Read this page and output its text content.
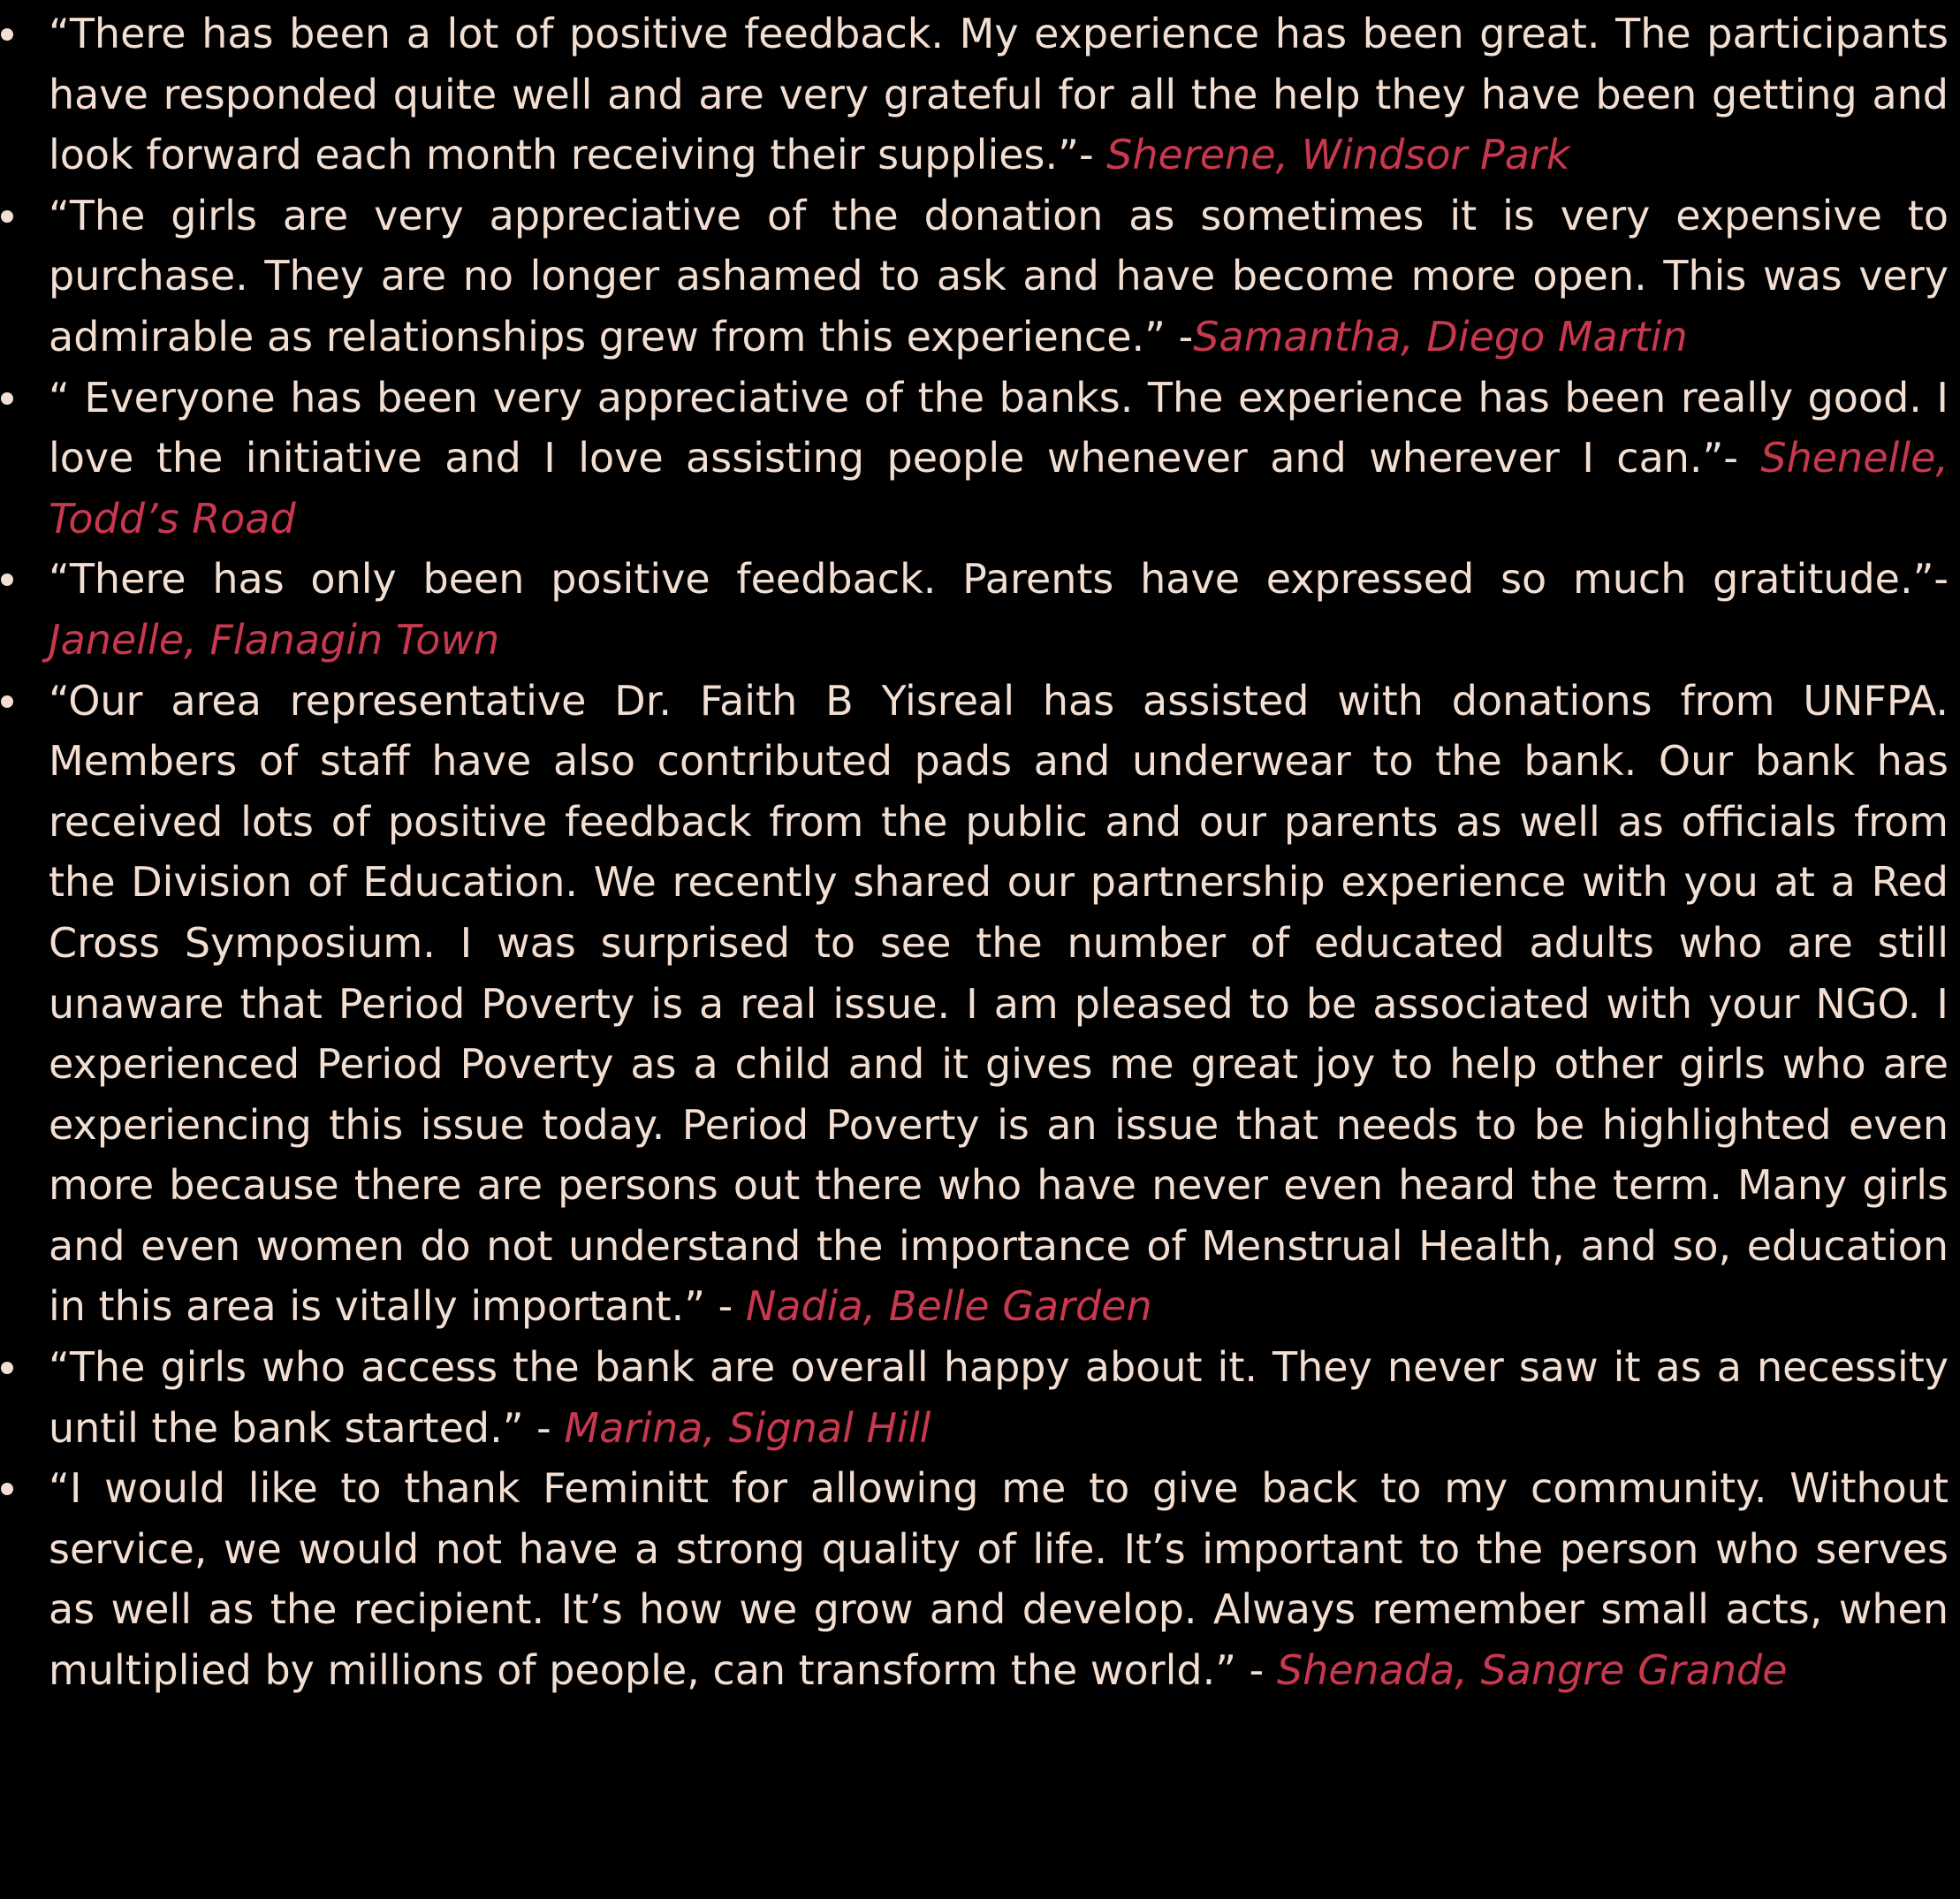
“There has been a lot of positive feedback. My experience has been great. The participants have responded quite well and are very grateful for all the help they have been getting and look forward each month receiving their supplies.”- Sherene, Windsor Park
“The girls are very appreciative of the donation as sometimes it is very expensive to purchase. They are no longer ashamed to ask and have become more open. This was very admirable as relationships grew from this experience.” -Samantha, Diego Martin
“ Everyone has been very appreciative of the banks. The experience has been really good. I love the initiative and I love assisting people whenever and wherever I can.”- Shenelle, Todd’s Road
“There has only been positive feedback. Parents have expressed so much gratitude.”- Janelle, Flanagin Town
“Our area representative Dr. Faith B Yisreal has assisted with donations from UNFPA. Members of staff have also contributed pads and underwear to the bank. Our bank has received lots of positive feedback from the public and our parents as well as officials from the Division of Education. We recently shared our partnership experience with you at a Red Cross Symposium. I was surprised to see the number of educated adults who are still unaware that Period Poverty is a real issue. I am pleased to be associated with your NGO. I experienced Period Poverty as a child and it gives me great joy to help other girls who are experiencing this issue today. Period Poverty is an issue that needs to be highlighted even more because there are persons out there who have never even heard the term. Many girls and even women do not understand the importance of Menstrual Health, and so, education in this area is vitally important.” - Nadia, Belle Garden
“The girls who access the bank are overall happy about it. They never saw it as a necessity until the bank started.” - Marina, Signal Hill
“I would like to thank Feminitt for allowing me to give back to my community. Without service, we would not have a strong quality of life. It’s important to the person who serves as well as the recipient. It’s how we grow and develop. Always remember small acts, when multiplied by millions of people, can transform the world.” - Shenada, Sangre Grande
